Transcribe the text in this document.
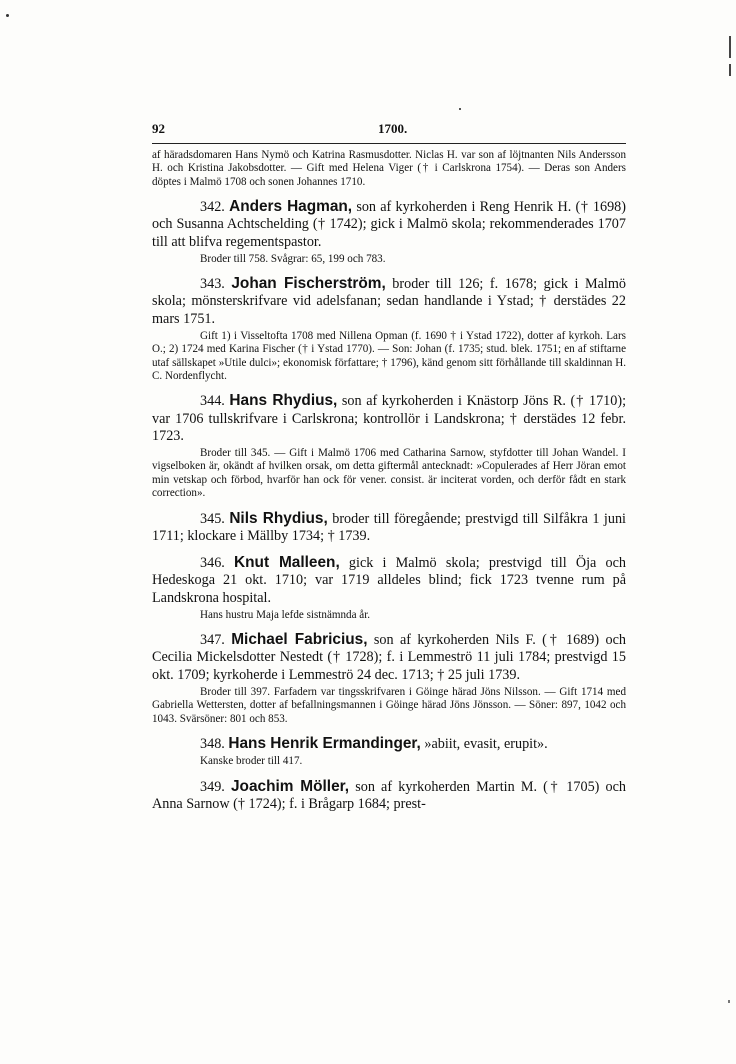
92	1700.

af häradsdomaren Hans Nymö och Katrina Rasmusdotter. Niclas H. var son af löjtnanten Nils Andersson H. och Kristina Jakobsdotter. — Gift med Helena Viger († i Carlskrona 1754). — Deras son Anders döptes i Malmö 1708 och sonen Johannes 1710.

342. Anders Hagman, son af kyrkoherden i Reng Henrik H. († 1698) och Susanna Achtschelding († 1742); gick i Malmö skola; rekommenderades 1707 till att blifva regementspastor.

Broder till 758. Svågrar: 65, 199 och 783.

343. Johan Fischerström, broder till 126; f. 1678; gick i Malmö skola; mönsterskrifvare vid adelsfanan; sedan handlande i Ystad; † derstädes 22 mars 1751.

Gift 1) i Visseltofta 1708 med Nillena Opman (f. 1690 † i Ystad 1722), dotter af kyrkoh. Lars O.; 2) 1724 med Karina Fischer († i Ystad 1770). — Son: Johan (f. 1735; stud. blek. 1751; en af stiftarne utaf sällskapet »Utile dulci»; ekonomisk författare; † 1796), känd genom sitt förhållande till skaldinnan H. C. Nordenflycht.

344. Hans Rhydius, son af kyrkoherden i Knästorp Jöns R. († 1710); var 1706 tullskrifvare i Carlskrona; kontrollör i Landskrona; † derstädes 12 febr. 1723.

Broder till 345. — Gift i Malmö 1706 med Catharina Sarnow, styfdotter till Johan Wandel. I vigselboken är, okändt af hvilken orsak, om detta giftermål antecknadt: »Copulerades af Herr Jöran emot min vetskap och förbod, hvarför han ock för vener. consist. är inciterat vorden, och derför fådt en stark correction».

345. Nils Rhydius, broder till föregående; prestvigd till Silfåkra 1 juni 1711; klockare i Mällby 1734; † 1739.

346. Knut Malleen, gick i Malmö skola; prestvigd till Öja och Hedeskoga 21 okt. 1710; var 1719 alldeles blind; fick 1723 tvenne rum på Landskrona hospital.

Hans hustru Maja lefde sistnämnda år.

347. Michael Fabricius, son af kyrkoherden Nils F. († 1689) och Cecilia Mickelsdotter Nestedt († 1728); f. i Lemmeströ 11 juli 1784; prestvigd 15 okt. 1709; kyrkoherde i Lemmeströ 24 dec. 1713; † 25 juli 1739.

Broder till 397. Farfadern var tingsskrifvaren i Göinge härad Jöns Nilsson. — Gift 1714 med Gabriella Wettersten, dotter af befallningsmannen i Göinge härad Jöns Jönsson. — Söner: 897, 1042 och 1043. Svärsöner: 801 och 853.

348. Hans Henrik Ermandinger, »abiit, evasit, erupit».

Kanske broder till 417.

349. Joachim Möller, son af kyrkoherden Martin M. († 1705) och Anna Sarnow († 1724); f. i Brågarp 1684; prest-
